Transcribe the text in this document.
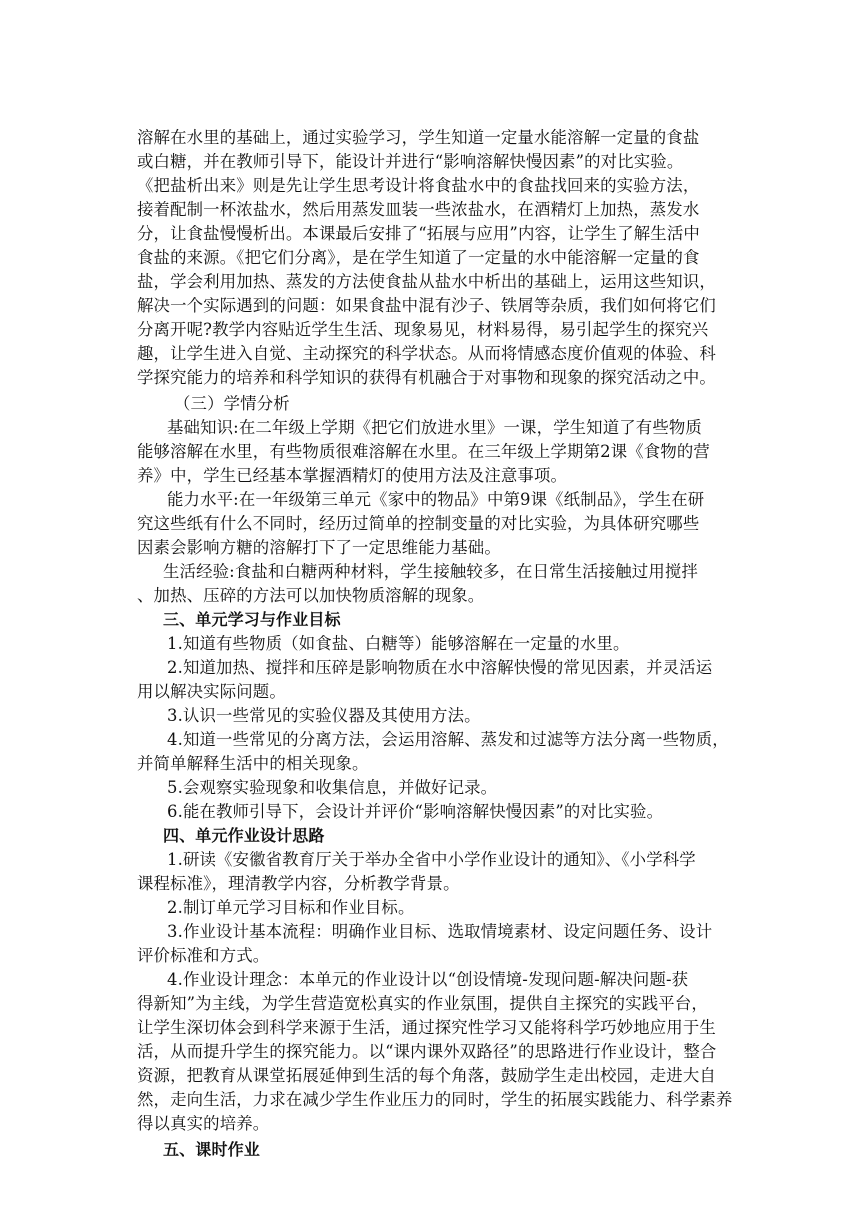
溶解在水里的基础上，通过实验学习，学生知道一定量水能溶解一定量的食盐
或白糖，并在教师引导下，能设计并进行“影响溶解快慢因素”的对比实验。
《把盐析出来》则是先让学生思考设计将食盐水中的食盐找回来的实验方法，
接着配制一杯浓盐水，然后用蒸发皿装一些浓盐水，在酒精灯上加热，蒸发水
分，让食盐慢慢析出。本课最后安排了“拓展与应用”内容，让学生了解生活中
食盐的来源。《把它们分离》，是在学生知道了一定量的水中能溶解一定量的食
盐，学会利用加热、蒸发的方法使食盐从盐水中析出的基础上，运用这些知识，
解决一个实际遇到的问题：如果食盐中混有沙子、铁屑等杂质，我们如何将它们
分离开呢?教学内容贴近学生生活、现象易见，材料易得，易引起学生的探究兴
趣，让学生进入自觉、主动探究的科学状态。从而将情感态度价值观的体验、科
学探究能力的培养和科学知识的获得有机融合于对事物和现象的探究活动之中。
（三）学情分析
基础知识:在二年级上学期《把它们放进水里》一课，学生知道了有些物质
能够溶解在水里，有些物质很难溶解在水里。在三年级上学期第2课《食物的营
养》中，学生已经基本掌握酒精灯的使用方法及注意事项。
能力水平:在一年级第三单元《家中的物品》中第9课《纸制品》，学生在研
究这些纸有什么不同时，经历过简单的控制变量的对比实验，为具体研究哪些
因素会影响方糖的溶解打下了一定思维能力基础。
生活经验:食盐和白糖两种材料，学生接触较多，在日常生活接触过用搅拌
、加热、压碎的方法可以加快物质溶解的现象。
三、单元学习与作业目标
1.知道有些物质（如食盐、白糖等）能够溶解在一定量的水里。
2.知道加热、搅拌和压碎是影响物质在水中溶解快慢的常见因素，并灵活运
用以解决实际问题。
3.认识一些常见的实验仪器及其使用方法。
4.知道一些常见的分离方法，会运用溶解、蒸发和过滤等方法分离一些物质，
并简单解释生活中的相关现象。
5.会观察实验现象和收集信息，并做好记录。
6.能在教师引导下，会设计并评价“影响溶解快慢因素”的对比实验。
四、单元作业设计思路
1.研读《安徽省教育厅关于举办全省中小学作业设计的通知》、《小学科学
课程标准》，理清教学内容，分析教学背景。
2.制订单元学习目标和作业目标。
3.作业设计基本流程：明确作业目标、选取情境素材、设定问题任务、设计
评价标准和方式。
4.作业设计理念：本单元的作业设计以“创设情境-发现问题-解决问题-获
得新知”为主线，为学生营造宽松真实的作业氛围，提供自主探究的实践平台，
让学生深切体会到科学来源于生活，通过探究性学习又能将科学巧妙地应用于生
活，从而提升学生的探究能力。以“课内课外双路径”的思路进行作业设计，整合
资源，把教育从课堂拓展延伸到生活的每个角落，鼓励学生走出校园，走进大自
然，走向生活，力求在减少学生作业压力的同时，学生的拓展实践能力、科学素养
得以真实的培养。
五、课时作业
